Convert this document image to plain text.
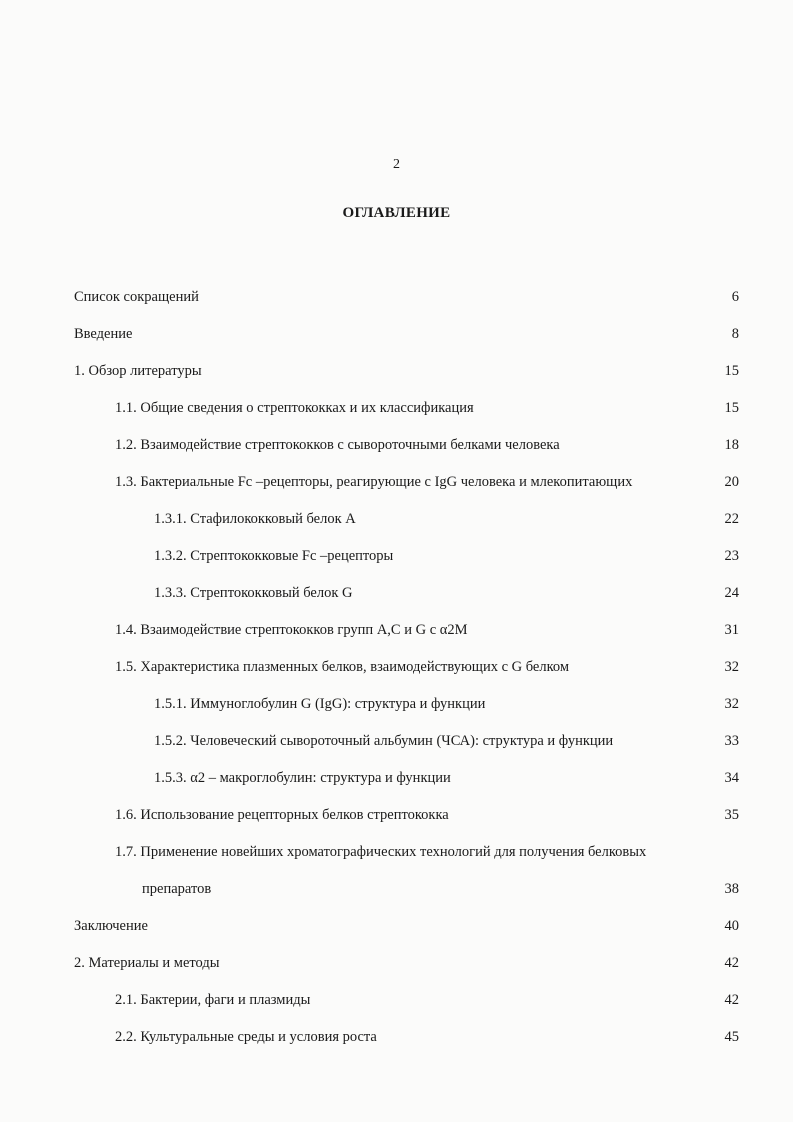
2
ОГЛАВЛЕНИЕ
Список сокращений	6
Введение	8
1. Обзор литературы	15
1.1. Общие сведения о стрептококках и их классификация	15
1.2. Взаимодействие стрептококков с сывороточными белками человека	18
1.3. Бактериальные Fc –рецепторы, реагирующие с IgG человека и млекопитающих	20
1.3.1. Стафилококковый белок А	22
1.3.2. Стрептококковые Fc –рецепторы	23
1.3.3. Стрептококковый белок G	24
1.4. Взаимодействие стрептококков групп А,С и G с α2M	31
1.5. Характеристика плазменных белков, взаимодействующих с G белком	32
1.5.1. Иммуноглобулин G (IgG): структура и функции	32
1.5.2. Человеческий сывороточный альбумин (ЧСА): структура и функции	33
1.5.3. α2 – макроглобулин: структура и функции	34
1.6. Использование рецепторных белков стрептококка	35
1.7. Применение новейших хроматографических технологий для получения белковых
препаратов	38
Заключение	40
2. Материалы и методы	42
2.1. Бактерии, фаги и плазмиды	42
2.2. Культуральные среды и условия роста	45
